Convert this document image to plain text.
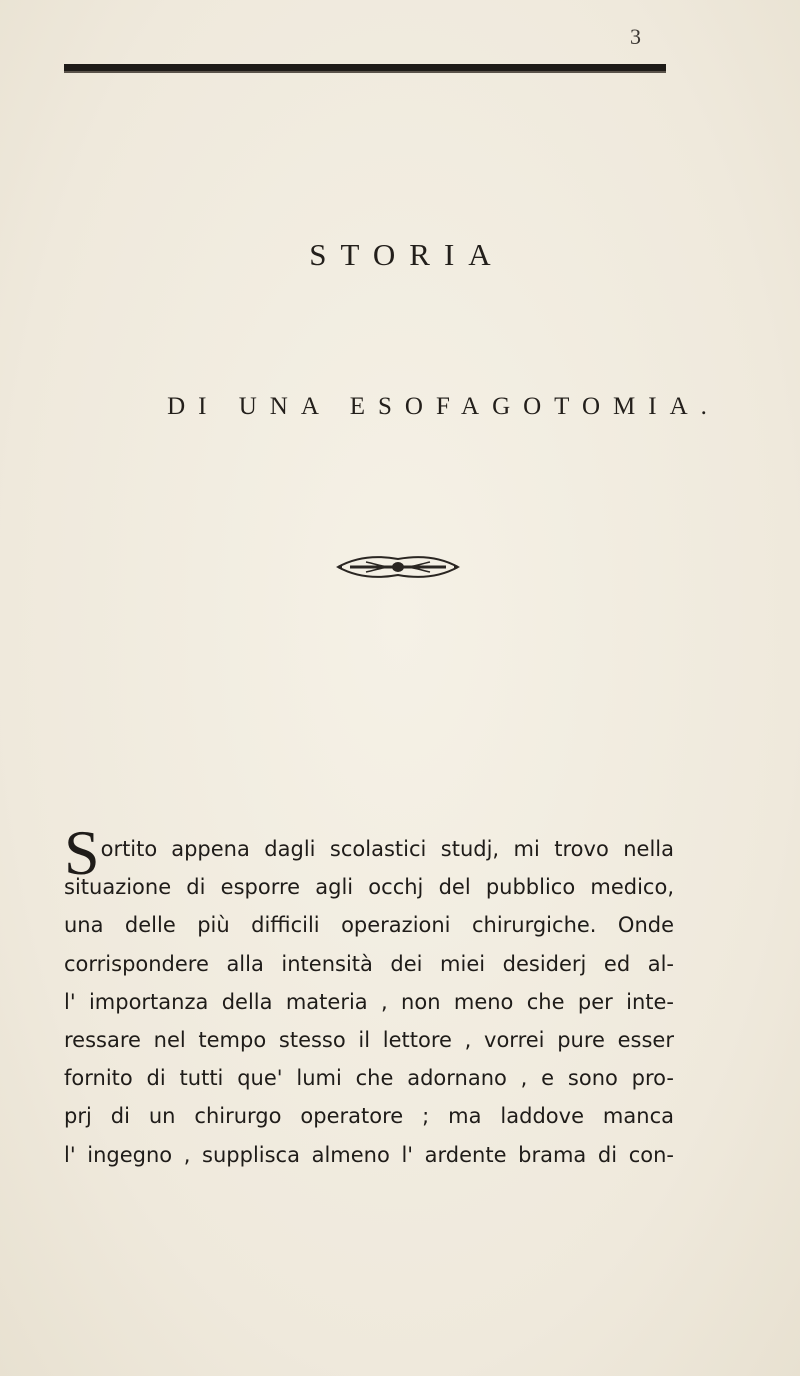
3
STORIA

DI UNA ESOFAGOTOMIA.

S ortito appena dagli scolastici studj, mi trovo nella
situazione di esporre agli occhj del pubblico medico,
una delle più difficili operazioni chirurgiche. Onde
corrispondere alla intensità dei miei desiderj ed al-
l' importanza della materia , non meno che per inte-
ressare nel tempo stesso il lettore , vorrei pure esser
fornito di tutti que' lumi che adornano , e sono pro-
prj di un chirurgo operatore ; ma laddove manca
l' ingegno , supplisca almeno l' ardente brama di con-
